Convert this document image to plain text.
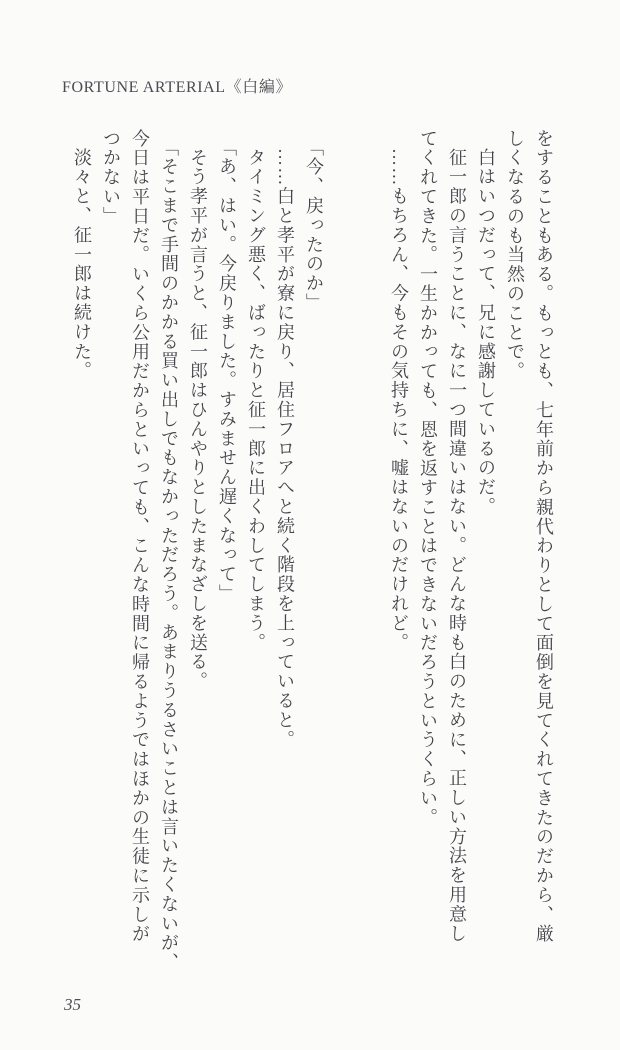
FORTUNE ARTERIAL《白編》
をすることもある。もっとも、七年前から親代わりとして面倒を見てくれてきたのだから、厳
しくなるのも当然のことで。
白はいつだって、兄に感謝しているのだ。
征一郎の言うことに、なに一つ間違いはない。どんな時も白のために、正しい方法を用意し
てくれてきた。一生かかっても、恩を返すことはできないだろうというくらい。
……もちろん、今もその気持ちに、嘘はないのだけれど。
「今、戻ったのか」
……白と孝平が寮に戻り、居住フロアへと続く階段を上っていると。
タイミング悪く、ばったりと征一郎に出くわしてしまう。
「あ、はい。今戻りました。すみません遅くなって」
そう孝平が言うと、征一郎はひんやりとしたまなざしを送る。
「そこまで手間のかかる買い出しでもなかっただろう。あまりうるさいことは言いたくないが、
今日は平日だ。いくら公用だからといっても、こんな時間に帰るようではほかの生徒に示しが
つかない」
淡々と、征一郎は続けた。
35
